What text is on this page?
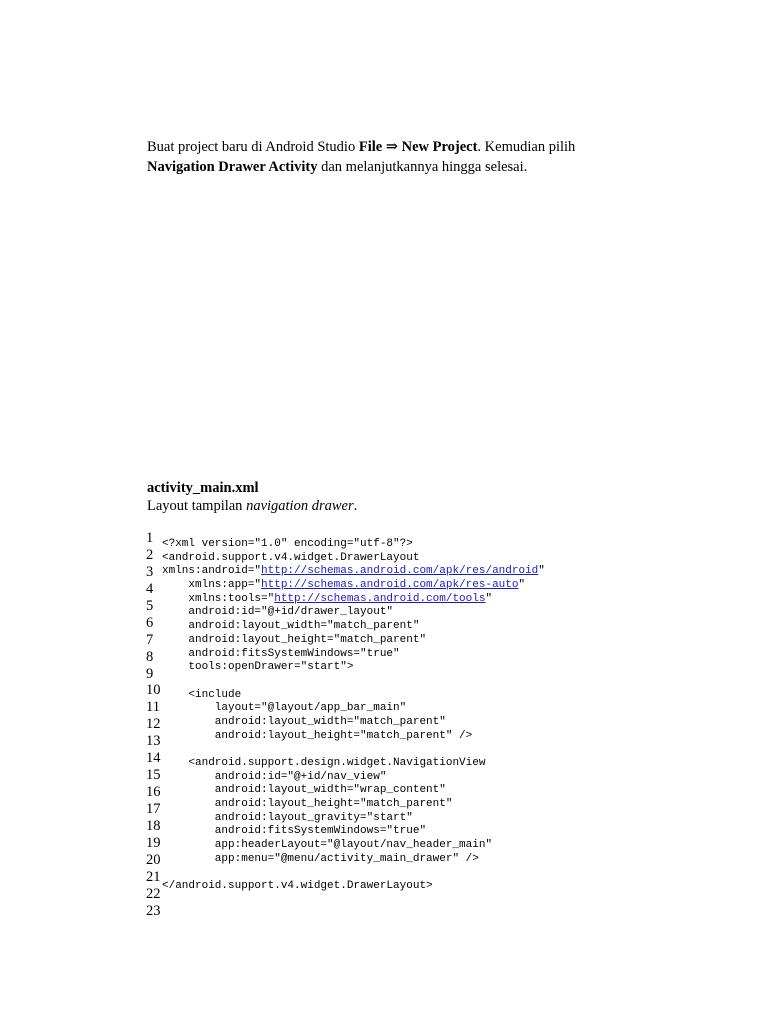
Buat project baru di Android Studio File ⇒ New Project. Kemudian pilih
Navigation Drawer Activity dan melanjutkannya hingga selesai.
activity_main.xml
Layout tampilan navigation drawer.
1
2
3
4
5
6
7
8
9
10
11
12
13
14
15
16
17
18
19
20
21
22
23
<?xml version="1.0" encoding="utf-8"?>
<android.support.v4.widget.DrawerLayout
xmlns:android="http://schemas.android.com/apk/res/android"
xmlns:app="http://schemas.android.com/apk/res-auto"
xmlns:tools="http://schemas.android.com/tools"
android:id="@+id/drawer_layout"
android:layout_width="match_parent"
android:layout_height="match_parent"
android:fitsSystemWindows="true"
tools:openDrawer="start">
<include
layout="@layout/app_bar_main"
android:layout_width="match_parent"
android:layout_height="match_parent" />
<android.support.design.widget.NavigationView
android:id="@+id/nav_view"
android:layout_width="wrap_content"
android:layout_height="match_parent"
android:layout_gravity="start"
android:fitsSystemWindows="true"
app:headerLayout="@layout/nav_header_main"
app:menu="@menu/activity_main_drawer" />
</android.support.v4.widget.DrawerLayout>
